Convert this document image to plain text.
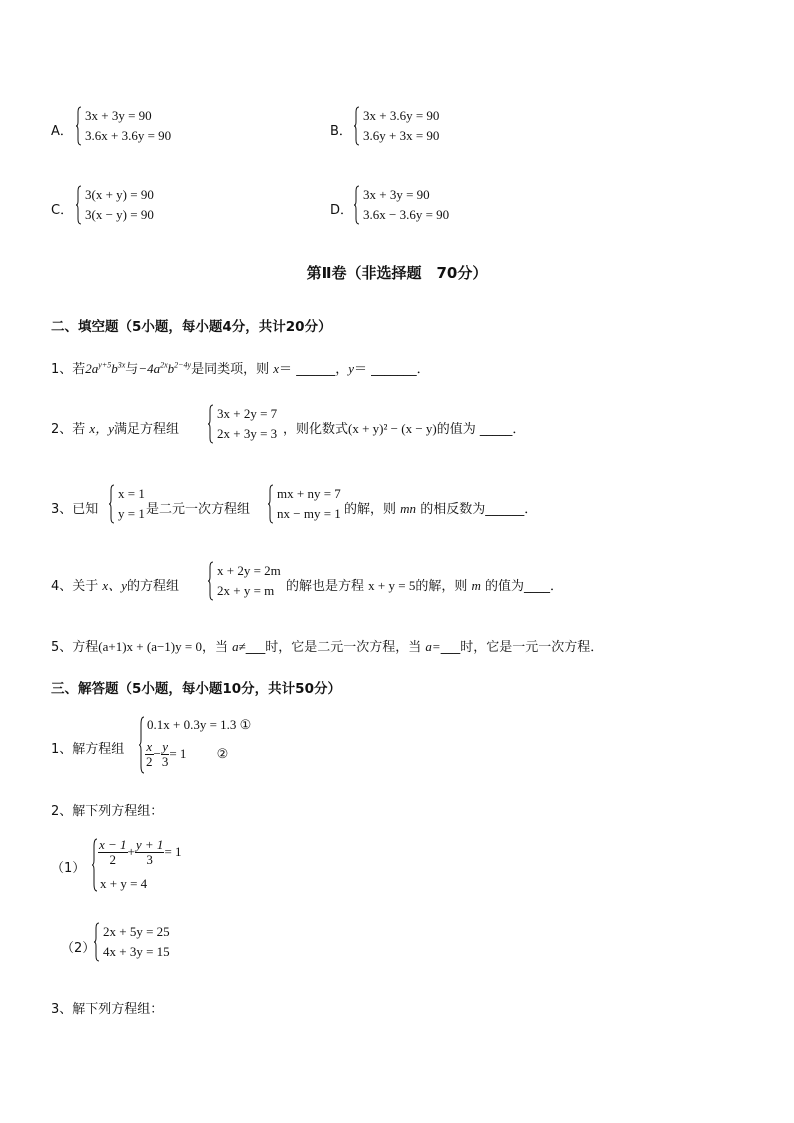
A．
3x + 3y = 90
3.6x + 3.6y = 90	B．
3x + 3.6y = 90
3.6y + 3x = 90
C．
3(x + y) = 90
3(x − y) = 90	D．
3x + 3y = 90
3.6x − 3.6y = 90
第Ⅱ卷（非选择题　70分）
二、填空题（5小题，每小题4分，共计20分）
1、若$2a^{y+5}b^{3x}$与$-4a^{2x}b^{2-4y}$是同类项，则 x＝ ______，y＝ _______．
2、若 x，y满足方程组
3x + 2y = 7
2x + 3y = 3 ，则化数式(x + y)² − (x − y)的值为 _____．
3、已知
x = 1
y = 1 是二元一次方程组
mx + ny = 7
nx − my = 1 的解，则 mn 的相反数为______．
4、关于 x、y的方程组
x + 2y = 2m
2x + y = m 的解也是方程 x + y = 5的解，则 m 的值为____．
5、方程(a+1)x + (a−1)y = 0，当 a≠___时，它是二元一次方程，当 a=___时，它是一元一次方程．
三、解答题（5小题，每小题10分，共计50分）
1、解方程组
0.1x + 0.3y = 1.3 ①
$\frac{x}{2} - \frac{y}{3} = 1$ ②
2、解下列方程组：
（1）
$\frac{x - 1}{2} + \frac{y + 1}{3} = 1$
x + y = 4
（2）
2x + 5y = 25
4x + 3y = 15
3、解下列方程组：
